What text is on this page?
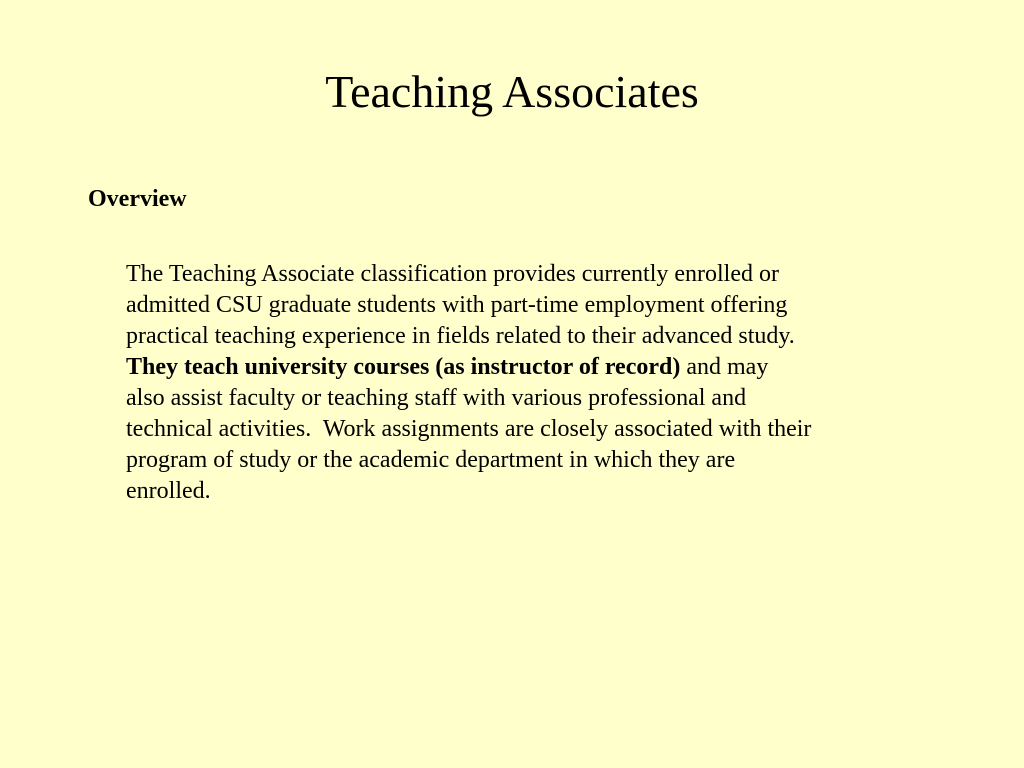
Teaching Associates
Overview

The Teaching Associate classification provides currently enrolled or
admitted CSU graduate students with part-time employment offering
practical teaching experience in fields related to their advanced study.
They teach university courses (as instructor of record) and may
also assist faculty or teaching staff with various professional and
technical activities.  Work assignments are closely associated with their
program of study or the academic department in which they are
enrolled.
